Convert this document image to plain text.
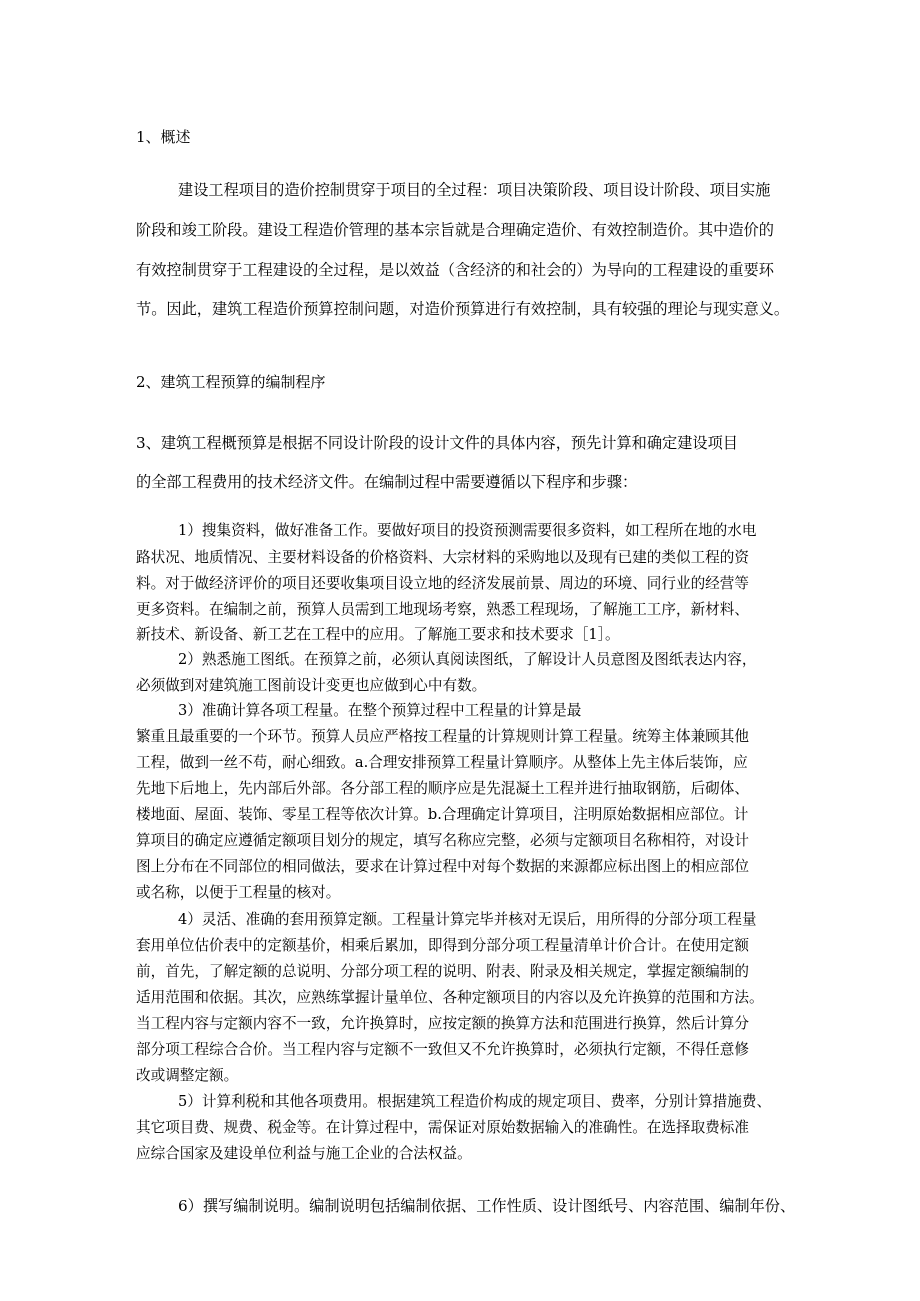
1、概述
建设工程项目的造价控制贯穿于项目的全过程：项目决策阶段、项目设计阶段、项目实施
阶段和竣工阶段。建设工程造价管理的基本宗旨就是合理确定造价、有效控制造价。其中造价的
有效控制贯穿于工程建设的全过程，是以效益（含经济的和社会的）为导向的工程建设的重要环
节。因此，建筑工程造价预算控制问题，对造价预算进行有效控制，具有较强的理论与现实意义。
2、建筑工程预算的编制程序
3、建筑工程概预算是根据不同设计阶段的设计文件的具体内容，预先计算和确定建设项目
的全部工程费用的技术经济文件。在编制过程中需要遵循以下程序和步骤：
1）搜集资料，做好准备工作。要做好项目的投资预测需要很多资料，如工程所在地的水电
路状况、地质情况、主要材料设备的价格资料、大宗材料的采购地以及现有已建的类似工程的资
料。对于做经济评价的项目还要收集项目设立地的经济发展前景、周边的环境、同行业的经营等
更多资料。在编制之前，预算人员需到工地现场考察，熟悉工程现场，了解施工工序，新材料、
新技术、新设备、新工艺在工程中的应用。了解施工要求和技术要求［1］。
2）熟悉施工图纸。在预算之前，必须认真阅读图纸，了解设计人员意图及图纸表达内容，
必须做到对建筑施工图前设计变更也应做到心中有数。
3）准确计算各项工程量。在整个预算过程中工程量的计算是最
繁重且最重要的一个环节。预算人员应严格按工程量的计算规则计算工程量。统筹主体兼顾其他
工程，做到一丝不苟，耐心细致。a.合理安排预算工程量计算顺序。从整体上先主体后装饰，应
先地下后地上，先内部后外部。各分部工程的顺序应是先混凝土工程并进行抽取钢筋，后砌体、
楼地面、屋面、装饰、零星工程等依次计算。b.合理确定计算项目，注明原始数据相应部位。计
算项目的确定应遵循定额项目划分的规定，填写名称应完整，必须与定额项目名称相符，对设计
图上分布在不同部位的相同做法，要求在计算过程中对每个数据的来源都应标出图上的相应部位
或名称，以便于工程量的核对。
4）灵活、准确的套用预算定额。工程量计算完毕并核对无误后，用所得的分部分项工程量
套用单位估价表中的定额基价，相乘后累加，即得到分部分项工程量清单计价合计。在使用定额
前，首先，了解定额的总说明、分部分项工程的说明、附表、附录及相关规定，掌握定额编制的
适用范围和依据。其次，应熟练掌握计量单位、各种定额项目的内容以及允许换算的范围和方法。
当工程内容与定额内容不一致，允许换算时，应按定额的换算方法和范围进行换算，然后计算分
部分项工程综合合价。当工程内容与定额不一致但又不允许换算时，必须执行定额，不得任意修
改或调整定额。
5）计算利税和其他各项费用。根据建筑工程造价构成的规定项目、费率，分别计算措施费、
其它项目费、规费、税金等。在计算过程中，需保证对原始数据输入的准确性。在选择取费标准
应综合国家及建设单位利益与施工企业的合法权益。
6）撰写编制说明。编制说明包括编制依据、工作性质、设计图纸号、内容范围、编制年份、
